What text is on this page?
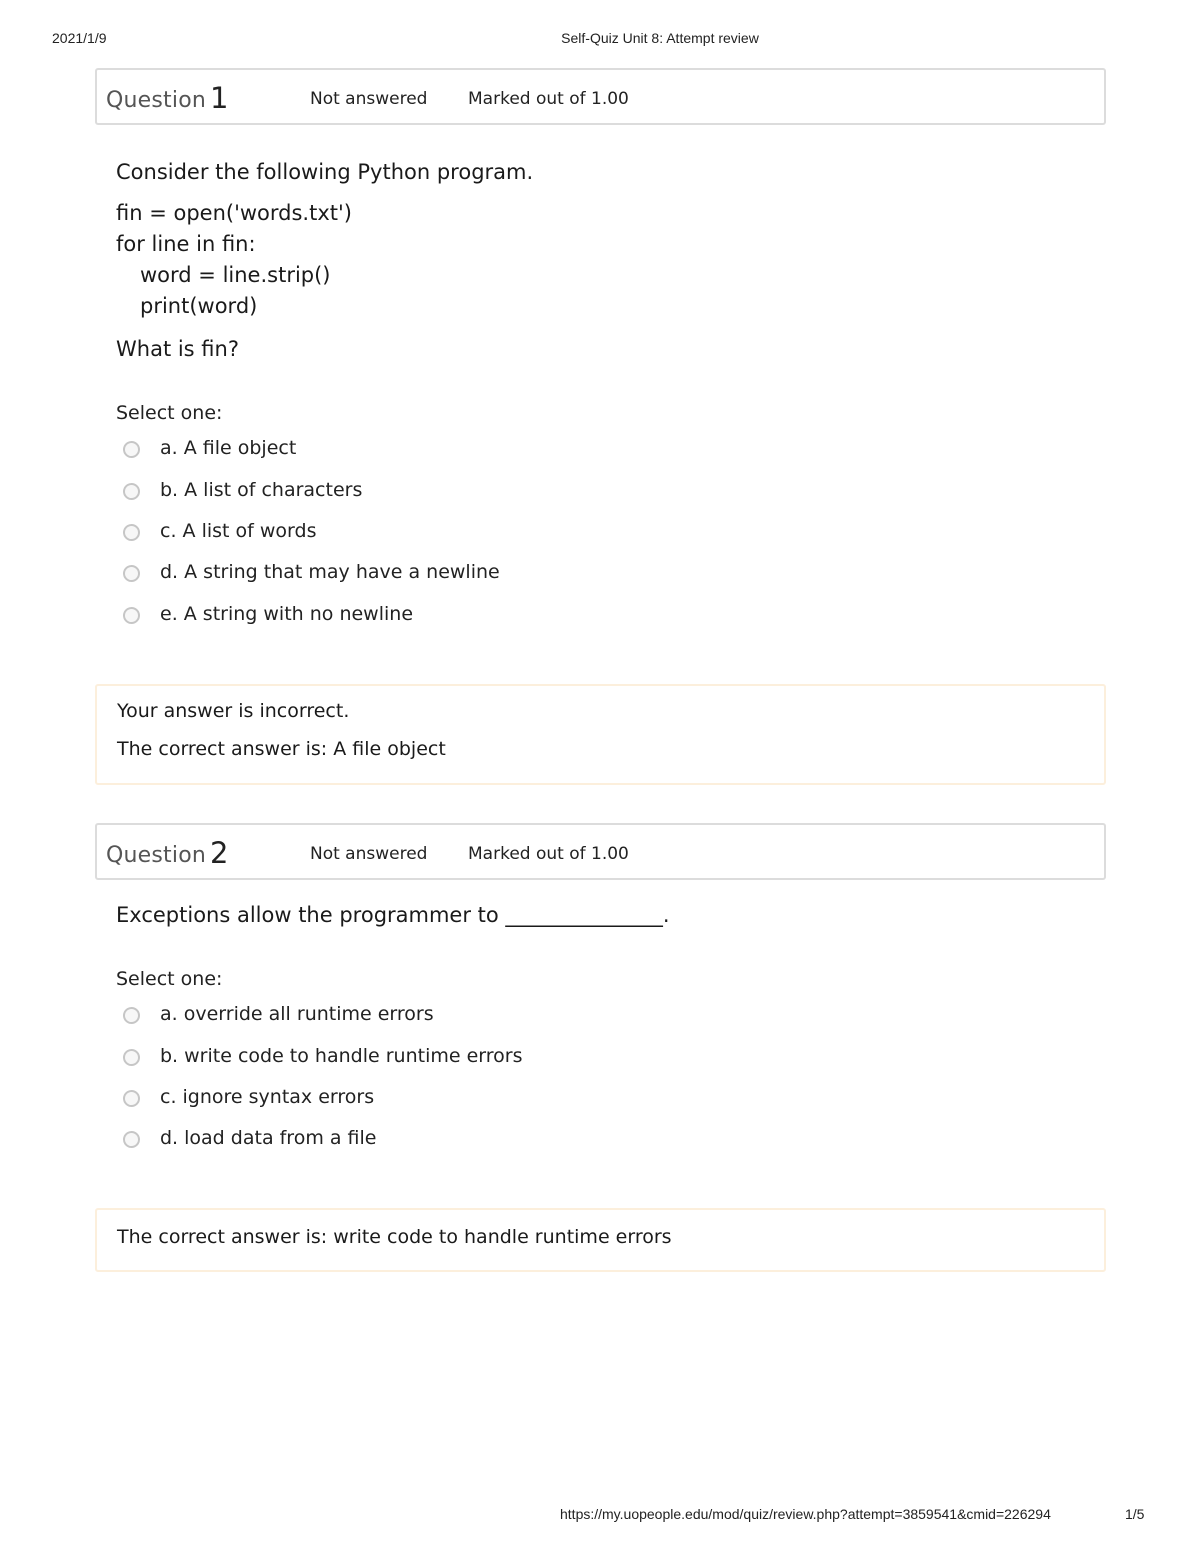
2021/1/9	Self-Quiz Unit 8: Attempt review
Question 1	Not answered Marked out of 1.00
Consider the following Python program.
fin = open('words.txt')
for line in fin:
word = line.strip()
print(word)
What is fin?
Select one:
a. A file object
b. A list of characters
c. A list of words
d. A string that may have a newline
e. A string with no newline
Your answer is incorrect.
The correct answer is: A file object
Question 2	Not answered Marked out of 1.00
Exceptions allow the programmer to _______________.
Select one:
a. override all runtime errors
b. write code to handle runtime errors
c. ignore syntax errors
d. load data from a file
The correct answer is: write code to handle runtime errors
https://my.uopeople.edu/mod/quiz/review.php?attempt=3859541&cmid=226294	1/5
